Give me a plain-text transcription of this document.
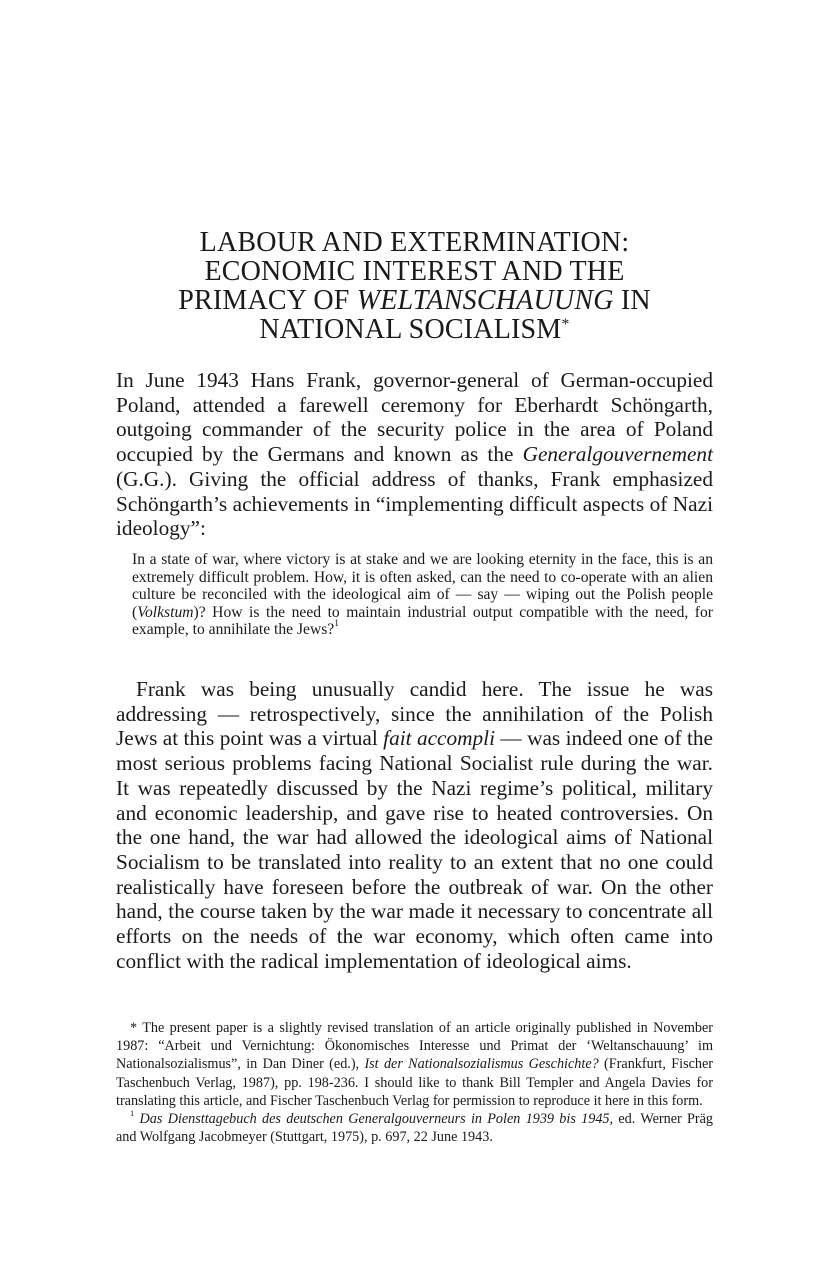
LABOUR AND EXTERMINATION:
ECONOMIC INTEREST AND THE
PRIMACY OF WELTANSCHAUUNG IN
NATIONAL SOCIALISM*

In June 1943 Hans Frank, governor-general of German-occupied Poland, attended a farewell ceremony for Eberhardt Schöngarth, outgoing commander of the security police in the area of Poland occupied by the Germans and known as the Generalgouvernement (G.G.). Giving the official address of thanks, Frank emphasized Schöngarth’s achievements in “implementing difficult aspects of Nazi ideology”:

In a state of war, where victory is at stake and we are looking eternity in the face, this is an extremely difficult problem. How, it is often asked, can the need to co-operate with an alien culture be reconciled with the ideological aim of — say — wiping out the Polish people (Volkstum)? How is the need to maintain industrial output compatible with the need, for example, to annihilate the Jews?$^1$

Frank was being unusually candid here. The issue he was addressing — retrospectively, since the annihilation of the Polish Jews at this point was a virtual fait accompli — was indeed one of the most serious problems facing National Socialist rule during the war. It was repeatedly discussed by the Nazi regime’s political, military and economic leadership, and gave rise to heated controversies. On the one hand, the war had allowed the ideological aims of National Socialism to be translated into reality to an extent that no one could realistically have foreseen before the outbreak of war. On the other hand, the course taken by the war made it necessary to concentrate all efforts on the needs of the war economy, which often came into conflict with the radical implementation of ideological aims.

* The present paper is a slightly revised translation of an article originally published in November 1987: “Arbeit und Vernichtung: Ökonomisches Interesse und Primat der ‘Weltanschauung’ im Nationalsozialismus”, in Dan Diner (ed.), Ist der Nationalsozialismus Geschichte? (Frankfurt, Fischer Taschenbuch Verlag, 1987), pp. 198-236. I should like to thank Bill Templer and Angela Davies for translating this article, and Fischer Taschenbuch Verlag for permission to reproduce it here in this form.

$^1$ Das Diensttagebuch des deutschen Generalgouverneurs in Polen 1939 bis 1945, ed. Werner Präg and Wolfgang Jacobmeyer (Stuttgart, 1975), p. 697, 22 June 1943.
